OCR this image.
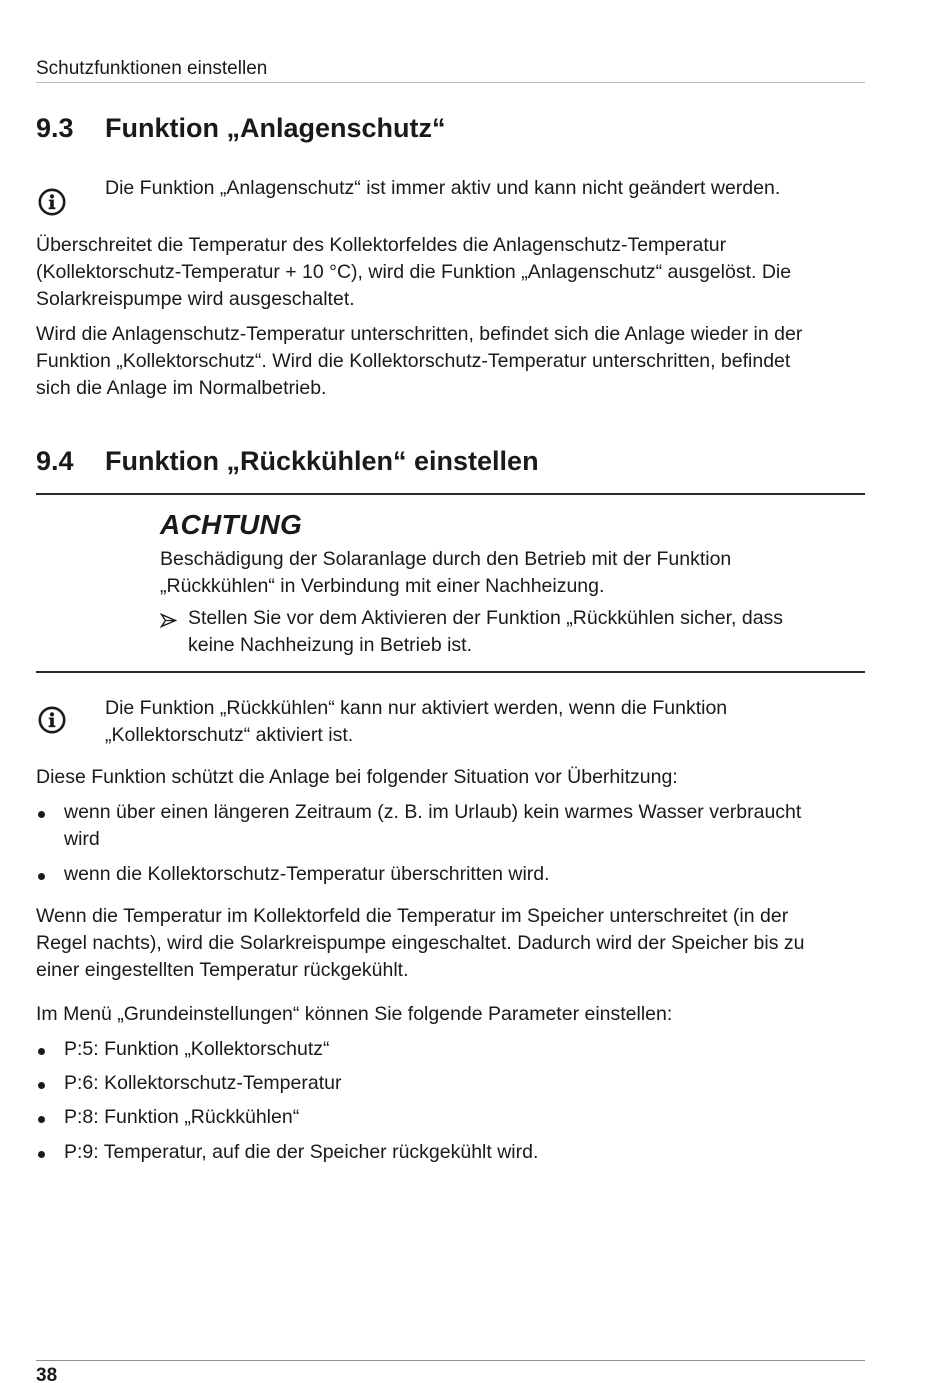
Schutzfunktionen einstellen
9.3 Funktion „Anlagenschutz“
Die Funktion „Anlagenschutz“ ist immer aktiv und kann nicht geändert werden.
Überschreitet die Temperatur des Kollektorfeldes die Anlagenschutz-Temperatur
(Kollektorschutz-Temperatur + 10 °C), wird die Funktion „Anlagenschutz“ ausgelöst. Die
Solarkreispumpe wird ausgeschaltet.
Wird die Anlagenschutz-Temperatur unterschritten, befindet sich die Anlage wieder in der
Funktion „Kollektorschutz“. Wird die Kollektorschutz-Temperatur unterschritten, befindet
sich die Anlage im Normalbetrieb.
9.4 Funktion „Rückkühlen“ einstellen
ACHTUNG
Beschädigung der Solaranlage durch den Betrieb mit der Funktion
„Rückkühlen“ in Verbindung mit einer Nachheizung.
Stellen Sie vor dem Aktivieren der Funktion „Rückkühlen sicher, dass
keine Nachheizung in Betrieb ist.
Die Funktion „Rückkühlen“ kann nur aktiviert werden, wenn die Funktion
„Kollektorschutz“ aktiviert ist.
Diese Funktion schützt die Anlage bei folgender Situation vor Überhitzung:
wenn über einen längeren Zeitraum (z. B. im Urlaub) kein warmes Wasser verbraucht
wird
wenn die Kollektorschutz-Temperatur überschritten wird.
Wenn die Temperatur im Kollektorfeld die Temperatur im Speicher unterschreitet (in der
Regel nachts), wird die Solarkreispumpe eingeschaltet. Dadurch wird der Speicher bis zu
einer eingestellten Temperatur rückgekühlt.
Im Menü „Grundeinstellungen“ können Sie folgende Parameter einstellen:
P:5: Funktion „Kollektorschutz“
P:6: Kollektorschutz-Temperatur
P:8: Funktion „Rückkühlen“
P:9: Temperatur, auf die der Speicher rückgekühlt wird.
38
